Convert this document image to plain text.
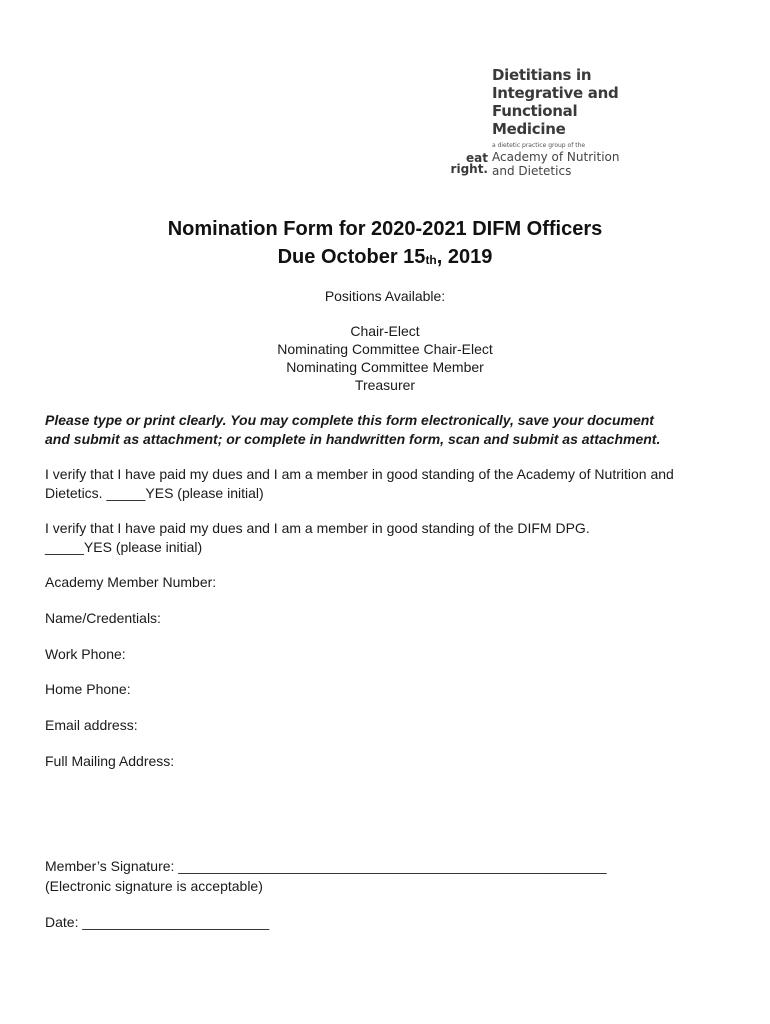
Dietitians in
Integrative and
Functional
Medicine
a dietetic practice group of the
eat
right.
Academy of Nutrition
and Dietetics
Nomination Form for 2020-2021 DIFM Officers
Due October $15_{th}$, 2019
Positions Available:
Chair-Elect
Nominating Committee Chair-Elect
Nominating Committee Member
Treasurer
Please type or print clearly. You may complete this form electronically, save your document
and submit as attachment; or complete in handwritten form, scan and submit as attachment.
I verify that I have paid my dues and I am a member in good standing of the Academy of Nutrition and
Dietetics. _____YES (please initial)
I verify that I have paid my dues and I am a member in good standing of the DIFM DPG.
_____YES (please initial)
Academy Member Number:
Name/Credentials:
Work Phone:
Home Phone:
Email address:
Full Mailing Address:
Member’s Signature: _______________________________________________________
(Electronic signature is acceptable)
Date: ________________________
